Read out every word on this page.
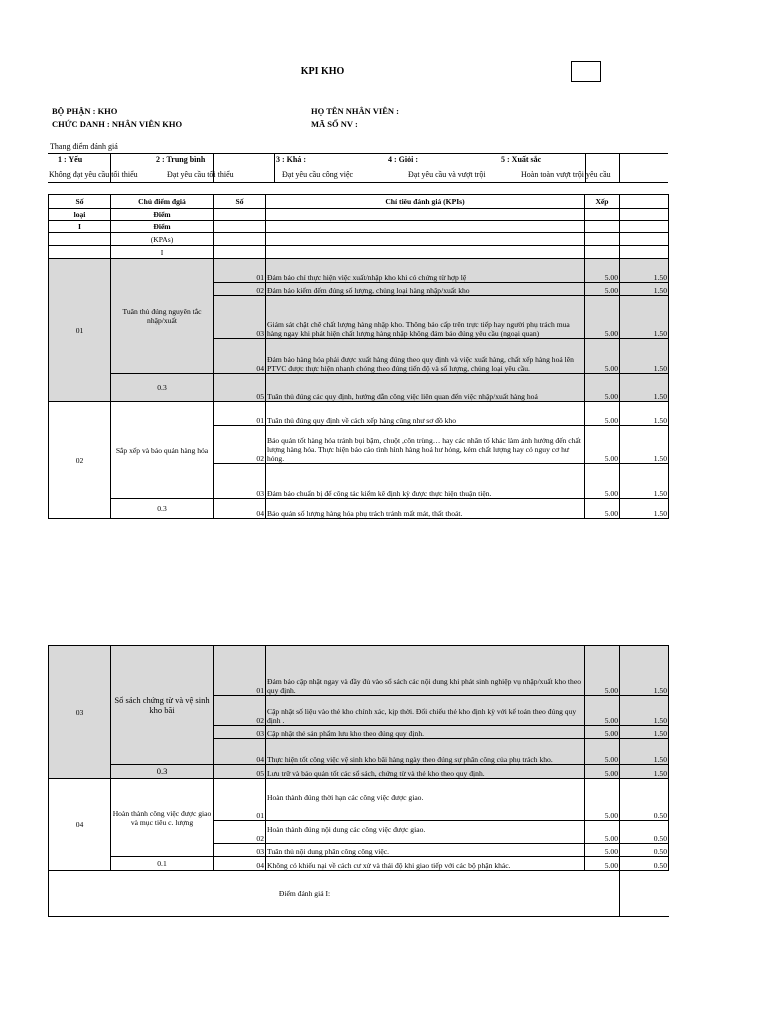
KPI KHO
BỘ PHẬN : KHO
CHỨC DANH : NHÂN VIÊN KHO
HỌ TÊN NHÂN VIÊN :
MÃ SỐ NV :
Thang điểm đánh giá
1 : Yếu	2 : Trung bình	3 : Khá :	4 : Giỏi :	5 : Xuất sắc
Không đạt yêu cầu tối thiểu	Đạt yêu cầu tối thiểu	Đạt yêu cầu công việc	Đạt yêu cầu và vượt trội	Hoàn toàn vượt trội yêu cầu
Số	Chủ điểm đgiá	Số	Chỉ tiêu đánh giá (KPIs)	Xếp	
loại	Điểm				
I	Điểm				
	(KPAs)				
	I				
01	Tuân thủ đúng nguyên tắc nhập/xuất	01	Đảm bảo chỉ thực hiện việc xuất/nhập kho khi có chứng từ hợp lệ	5.00	1.50
		02	Đảm bảo kiểm đếm đúng số lượng, chủng loại hàng nhập/xuất kho	5.00	1.50
		03	Giám sát chặt chẽ chất lượng hàng nhập kho. Thông báo cấp trên trực tiếp hay người phụ trách mua hàng ngay khi phát hiện chất lượng hàng nhập không đảm bảo đúng yêu cầu (ngoại quan)	5.00	1.50
		04	Đảm bảo hàng hóa phải được xuất hàng đúng theo quy định và việc xuất hàng, chất xếp hàng hoá lên PTVC được thực hiện nhanh chóng theo đúng tiến độ và số lượng, chủng loại yêu cầu.	5.00	1.50
	0.3	05	Tuân thủ đúng các quy định, hướng dẫn công việc liên quan đến việc nhập/xuất hàng hoá	5.00	1.50
02	Sắp xếp và bảo quản hàng hóa	01	Tuân thủ đúng quy định về cách xếp hàng cũng như sơ đồ kho	5.00	1.50
		02	Bảo quản tốt hàng hóa tránh bụi bặm, chuột ,côn trùng… hay các nhân tố khác làm ảnh hưởng đến chất lượng hàng hóa. Thực hiện báo cáo tình hình hàng hoá hư hỏng, kém chất lượng hay có nguy cơ hư hỏng.	5.00	1.50
		03	Đảm bảo chuẩn bị để công tác kiểm kê định kỳ được thực hiện thuận tiện.	5.00	1.50
	0.3	04	Bảo quản số lượng hàng hóa phụ trách tránh mất mát, thất thoát.	5.00	1.50
03	Sổ sách chứng từ và vệ sinh kho bãi	01	Đảm bảo cập nhật ngay và đầy đủ vào sổ sách các nội dung khi phát sinh nghiệp vụ nhập/xuất kho theo quy định.	5.00	1.50
		02	Cập nhật số liệu vào thẻ kho chính xác, kịp thời. Đối chiếu thẻ kho định kỳ với kế toán theo đúng quy định .	5.00	1.50
		03	Cập nhật thẻ sản phẩm lưu kho theo đúng quy định.	5.00	1.50
		04	Thực hiện tốt công việc vệ sinh kho bãi hàng ngày theo đúng sự phân công của phụ trách kho.	5.00	1.50
	0.3	05	Lưu trữ và bảo quản tốt các sổ sách, chứng từ và thẻ kho theo quy định.	5.00	1.50
04	Hoàn thành công việc được giao và mục tiêu c. lượng	01	Hoàn thành đúng thời hạn các công việc được giao.	5.00	0.50
		02	Hoàn thành đúng nội dung các công việc được giao.	5.00	0.50
		03	Tuân thủ nội dung phân công công việc.	5.00	0.50
	0.1	04	Không có khiếu nại về cách cư xử và thái độ khi giao tiếp với các bộ phận khác.	5.00	0.50
Điểm đánh giá I:					
